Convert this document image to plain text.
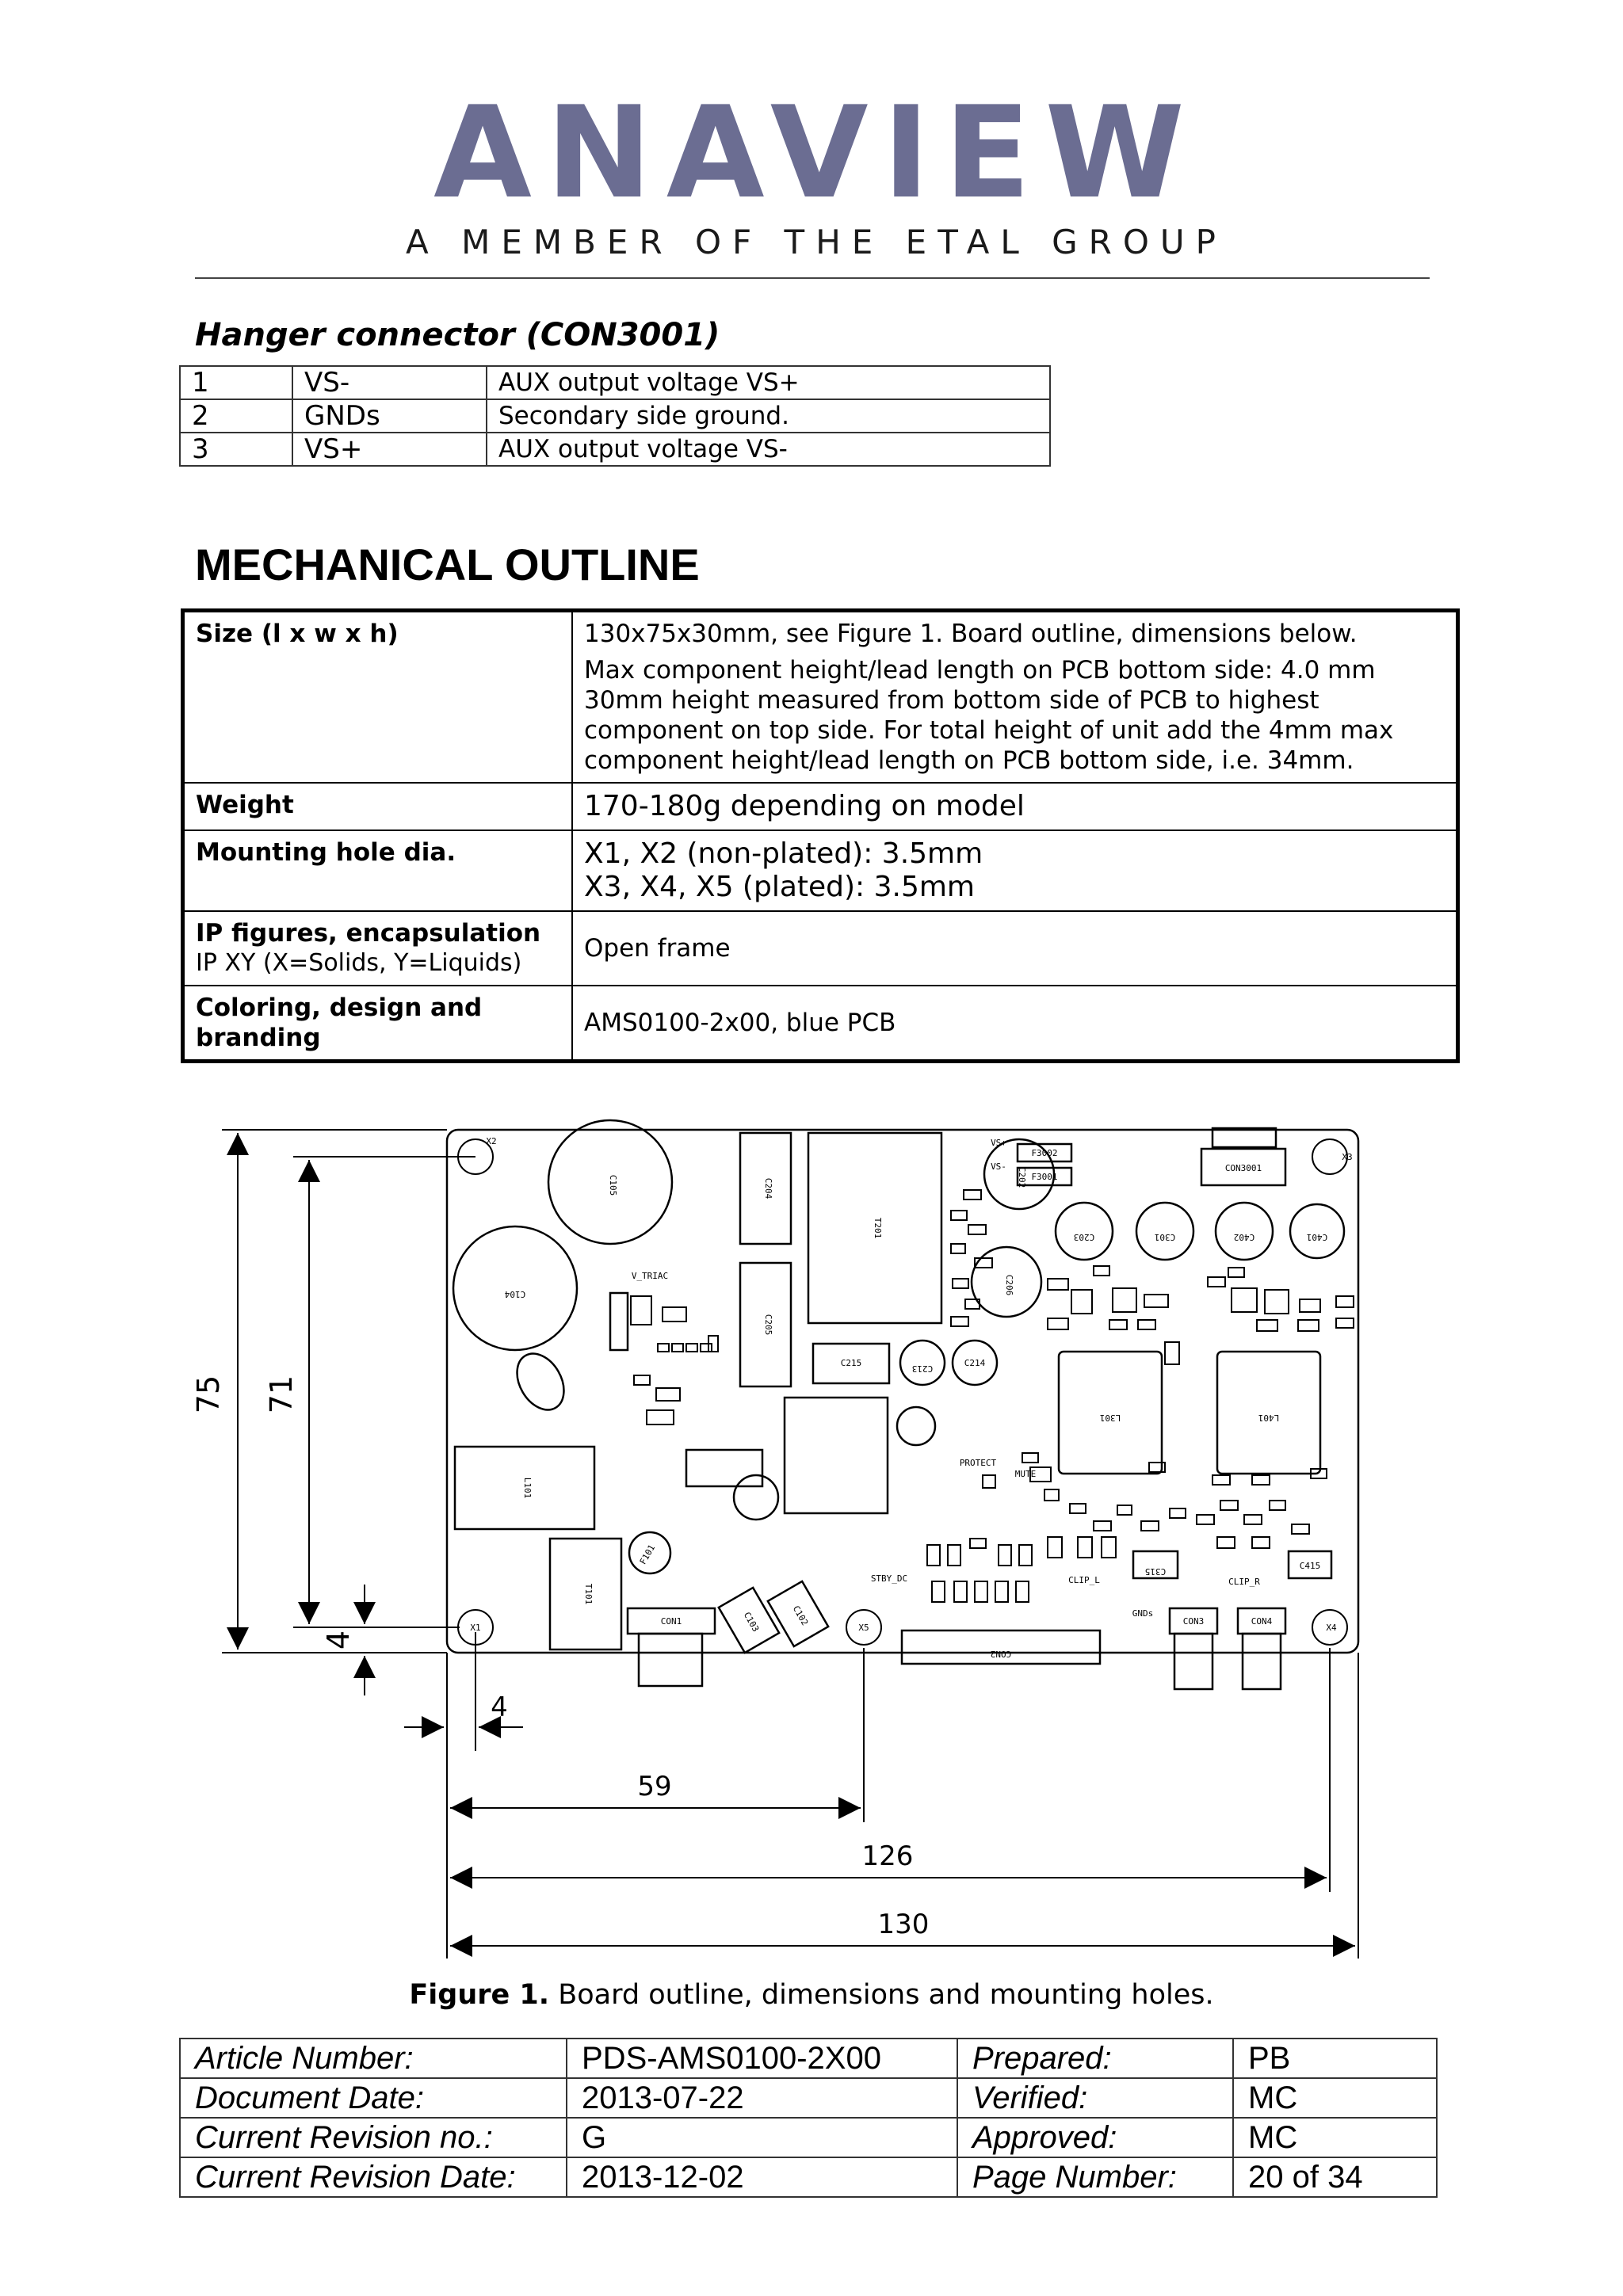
ANAVIEW
A MEMBER OF THE ETAL GROUP
Hanger connector (CON3001)
1	VS-	AUX output voltage VS+
2	GNDs	Secondary side ground.
3	VS+	AUX output voltage VS-
MECHANICAL OUTLINE
Size (l x w x h)	130x75x30mm, see Figure 1. Board outline, dimensions below.
Max component height/lead length on PCB bottom side: 4.0 mm
30mm height measured from bottom side of PCB to highest component on top side. For total height of unit add the 4mm max component height/lead length on PCB bottom side, i.e. 34mm.

Weight	170-180g depending on model
Mounting hole dia.	X1, X2 (non-plated): 3.5mm
X3, X4, X5 (plated): 3.5mm

IP figures, encapsulation
IP XY (X=Solids, Y=Liquids)	Open frame
Coloring, design and branding	AMS0100-2x00, blue PCB
X2
X3
X1	X5	X4
C105
C104
C202
C206
C203	C301	C402	C401
C213
C214
C204
C205
T201
C215
L101
T101
L301	L401
F3002
F3001
CON3001
VS+
VS-
CON2
C315
C415
V_TRIAC
PROTECT
MUTE
CLIP_L	CLIP_R
GNDs
STBY_DC
F101
CON1	CON3	CON4
C103	C102
75 71
4
4
59
126
130
Figure 1. Board outline, dimensions and mounting holes.
Article Number:	PDS-AMS0100-2X00	Prepared:	PB
Document Date:	2013-07-22	Verified:	MC
Current Revision no.:	G	Approved:	MC
Current Revision Date:	2013-12-02	Page Number:	20 of 34
